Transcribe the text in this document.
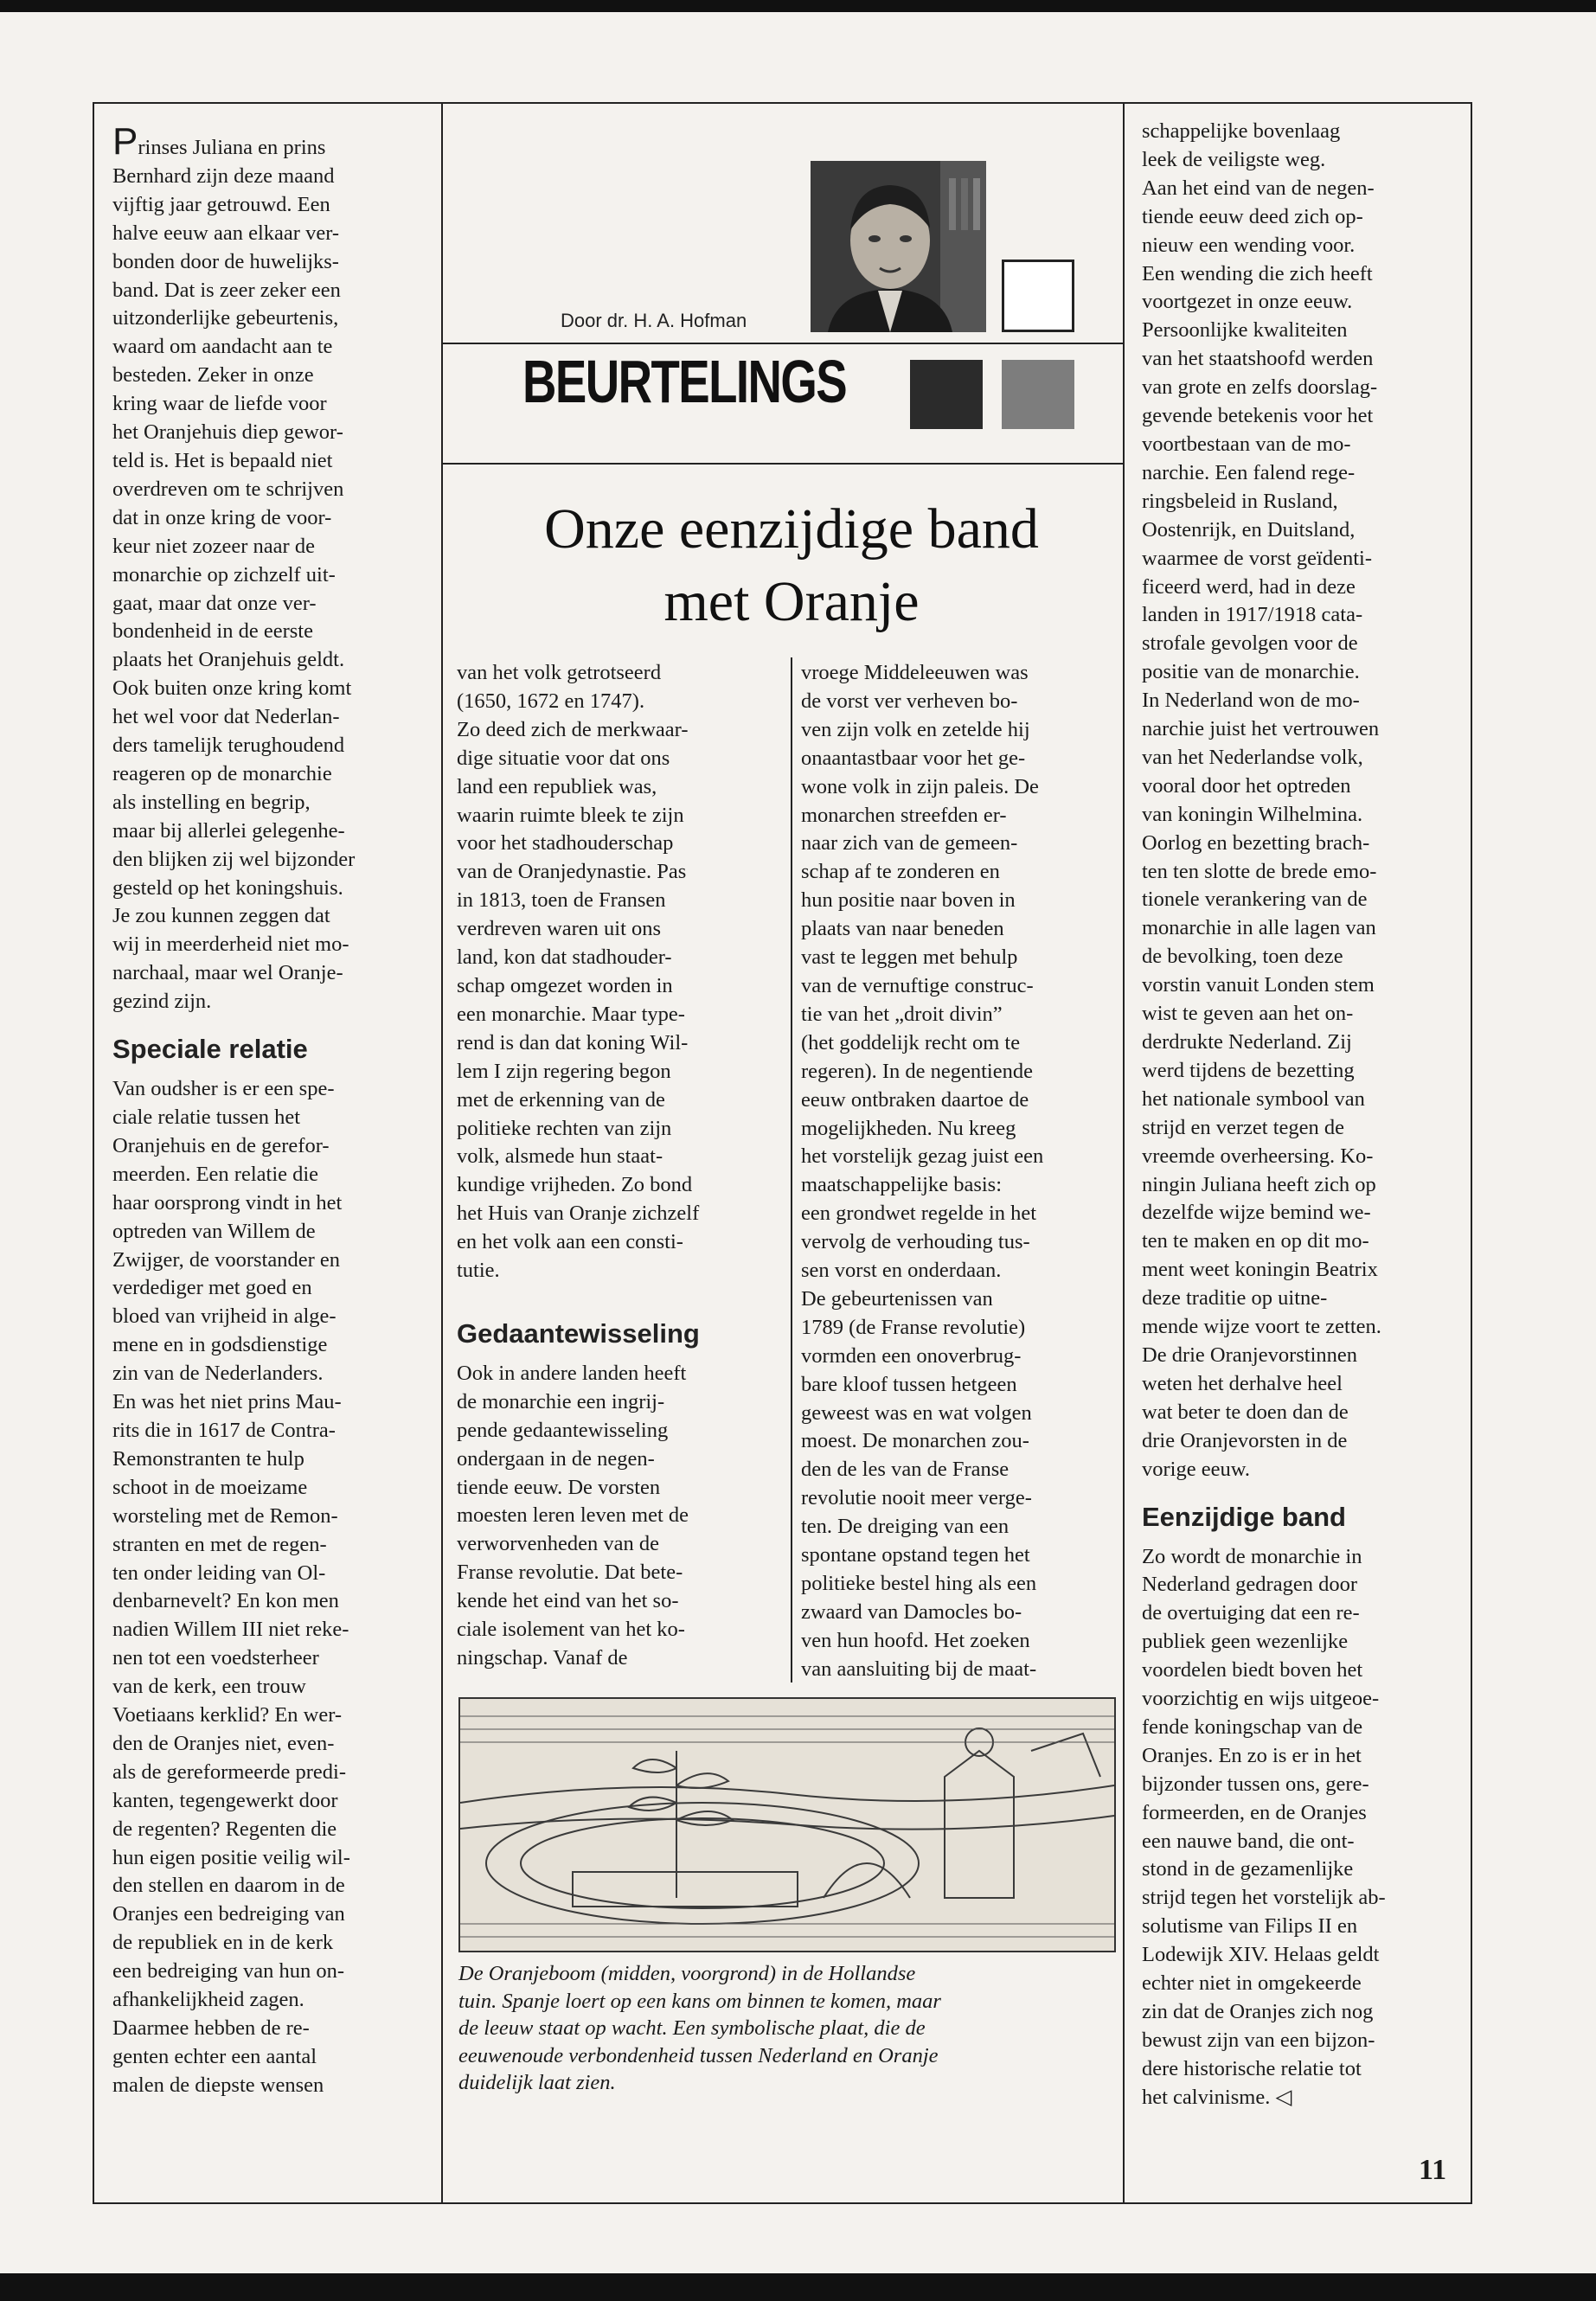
Door dr. H. A. Hofman
BEURTELINGS
Onze eenzijdige band
met Oranje
Prinses Juliana en prins
Bernhard zijn deze maand
vijftig jaar getrouwd. Een
halve eeuw aan elkaar ver-
bonden door de huwelijks-
band. Dat is zeer zeker een
uitzonderlijke gebeurtenis,
waard om aandacht aan te
besteden. Zeker in onze
kring waar de liefde voor
het Oranjehuis diep gewor-
teld is. Het is bepaald niet
overdreven om te schrijven
dat in onze kring de voor-
keur niet zozeer naar de
monarchie op zichzelf uit-
gaat, maar dat onze ver-
bondenheid in de eerste
plaats het Oranjehuis geldt.
Ook buiten onze kring komt
het wel voor dat Nederlan-
ders tamelijk terughoudend
reageren op de monarchie
als instelling en begrip,
maar bij allerlei gelegenhe-
den blijken zij wel bijzonder
gesteld op het koningshuis.
Je zou kunnen zeggen dat
wij in meerderheid niet mo-
narchaal, maar wel Oranje-
gezind zijn.
Speciale relatie
Van oudsher is er een spe-
ciale relatie tussen het
Oranjehuis en de gerefor-
meerden. Een relatie die
haar oorsprong vindt in het
optreden van Willem de
Zwijger, de voorstander en
verdediger met goed en
bloed van vrijheid in alge-
mene en in godsdienstige
zin van de Nederlanders.
En was het niet prins Mau-
rits die in 1617 de Contra-
Remonstranten te hulp
schoot in de moeizame
worsteling met de Remon-
stranten en met de regen-
ten onder leiding van Ol-
denbarnevelt? En kon men
nadien Willem III niet reke-
nen tot een voedsterheer
van de kerk, een trouw
Voetiaans kerklid? En wer-
den de Oranjes niet, even-
als de gereformeerde predi-
kanten, tegengewerkt door
de regenten? Regenten die
hun eigen positie veilig wil-
den stellen en daarom in de
Oranjes een bedreiging van
de republiek en in de kerk
een bedreiging van hun on-
afhankelijkheid zagen.
Daarmee hebben de re-
genten echter een aantal
malen de diepste wensen
van het volk getrotseerd
(1650, 1672 en 1747).
Zo deed zich de merkwaar-
dige situatie voor dat ons
land een republiek was,
waarin ruimte bleek te zijn
voor het stadhouderschap
van de Oranjedynastie. Pas
in 1813, toen de Fransen
verdreven waren uit ons
land, kon dat stadhouder-
schap omgezet worden in
een monarchie. Maar type-
rend is dan dat koning Wil-
lem I zijn regering begon
met de erkenning van de
politieke rechten van zijn
volk, alsmede hun staat-
kundige vrijheden. Zo bond
het Huis van Oranje zichzelf
en het volk aan een consti-
tutie.
Gedaantewisseling
Ook in andere landen heeft
de monarchie een ingrij-
pende gedaantewisseling
ondergaan in de negen-
tiende eeuw. De vorsten
moesten leren leven met de
verworvenheden van de
Franse revolutie. Dat bete-
kende het eind van het so-
ciale isolement van het ko-
ningschap. Vanaf de
vroege Middeleeuwen was
de vorst ver verheven bo-
ven zijn volk en zetelde hij
onaantastbaar voor het ge-
wone volk in zijn paleis. De
monarchen streefden er-
naar zich van de gemeen-
schap af te zonderen en
hun positie naar boven in
plaats van naar beneden
vast te leggen met behulp
van de vernuftige construc-
tie van het „droit divin”
(het goddelijk recht om te
regeren). In de negentiende
eeuw ontbraken daartoe de
mogelijkheden. Nu kreeg
het vorstelijk gezag juist een
maatschappelijke basis:
een grondwet regelde in het
vervolg de verhouding tus-
sen vorst en onderdaan.
De gebeurtenissen van
1789 (de Franse revolutie)
vormden een onoverbrug-
bare kloof tussen hetgeen
geweest was en wat volgen
moest. De monarchen zou-
den de les van de Franse
revolutie nooit meer verge-
ten. De dreiging van een
spontane opstand tegen het
politieke bestel hing als een
zwaard van Damocles bo-
ven hun hoofd. Het zoeken
van aansluiting bij de maat-
schappelijke bovenlaag
leek de veiligste weg.
Aan het eind van de negen-
tiende eeuw deed zich op-
nieuw een wending voor.
Een wending die zich heeft
voortgezet in onze eeuw.
Persoonlijke kwaliteiten
van het staatshoofd werden
van grote en zelfs doorslag-
gevende betekenis voor het
voortbestaan van de mo-
narchie. Een falend rege-
ringsbeleid in Rusland,
Oostenrijk, en Duitsland,
waarmee de vorst geïdenti-
ficeerd werd, had in deze
landen in 1917/1918 cata-
strofale gevolgen voor de
positie van de monarchie.
In Nederland won de mo-
narchie juist het vertrouwen
van het Nederlandse volk,
vooral door het optreden
van koningin Wilhelmina.
Oorlog en bezetting brach-
ten ten slotte de brede emo-
tionele verankering van de
monarchie in alle lagen van
de bevolking, toen deze
vorstin vanuit Londen stem
wist te geven aan het on-
derdrukte Nederland. Zij
werd tijdens de bezetting
het nationale symbool van
strijd en verzet tegen de
vreemde overheersing. Ko-
ningin Juliana heeft zich op
dezelfde wijze bemind we-
ten te maken en op dit mo-
ment weet koningin Beatrix
deze traditie op uitne-
mende wijze voort te zetten.
De drie Oranjevorstinnen
weten het derhalve heel
wat beter te doen dan de
drie Oranjevorsten in de
vorige eeuw.
Eenzijdige band
Zo wordt de monarchie in
Nederland gedragen door
de overtuiging dat een re-
publiek geen wezenlijke
voordelen biedt boven het
voorzichtig en wijs uitgeoe-
fende koningschap van de
Oranjes. En zo is er in het
bijzonder tussen ons, gere-
formeerden, en de Oranjes
een nauwe band, die ont-
stond in de gezamenlijke
strijd tegen het vorstelijk ab-
solutisme van Filips II en
Lodewijk XIV. Helaas geldt
echter niet in omgekeerde
zin dat de Oranjes zich nog
bewust zijn van een bijzon-
dere historische relatie tot
het calvinisme. ◁
De Oranjeboom (midden, voorgrond) in de Hollandse
tuin. Spanje loert op een kans om binnen te komen, maar
de leeuw staat op wacht. Een symbolische plaat, die de
eeuwenoude verbondenheid tussen Nederland en Oranje
duidelijk laat zien.
11
